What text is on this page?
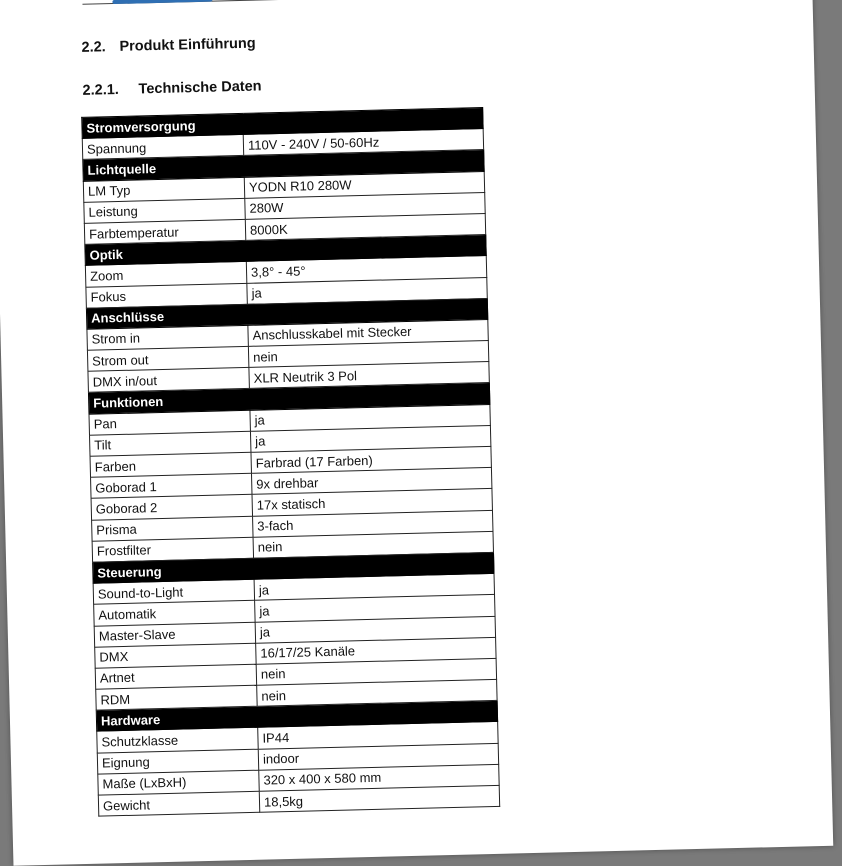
2.2. Produkt Einführung
2.2.1. Technische Daten
Stromversorgung	
Spannung	110V - 240V / 50-60Hz
Lichtquelle	
LM Typ	YODN R10 280W
Leistung	280W
Farbtemperatur	8000K
Optik	
Zoom	3,8° - 45°
Fokus	ja
Anschlüsse	
Strom in	Anschlusskabel mit Stecker
Strom out	nein
DMX in/out	XLR Neutrik 3 Pol
Funktionen	
Pan	ja
Tilt	ja
Farben	Farbrad (17 Farben)
Goborad 1	9x drehbar
Goborad 2	17x statisch
Prisma	3-fach
Frostfilter	nein
Steuerung	
Sound-to-Light	ja
Automatik	ja
Master-Slave	ja
DMX	16/17/25 Kanäle
Artnet	nein
RDM	nein
Hardware	
Schutzklasse	IP44
Eignung	indoor
Maße (LxBxH)	320 x 400 x 580 mm
Gewicht	18,5kg
